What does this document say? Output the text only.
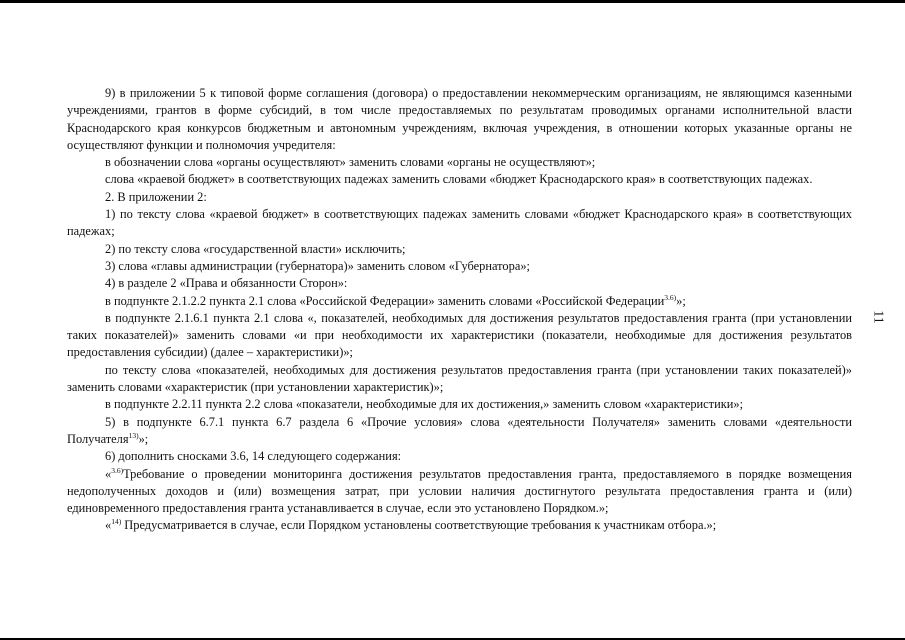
9) в приложении 5 к типовой форме соглашения (договора) о предоставлении некоммерческим организациям, не являющимся казенными учреждениями, грантов в форме субсидий, в том числе предоставляемых по результатам проводимых органами исполнительной власти Краснодарского края конкурсов бюджетным и автономным учреждениям, включая учреждения, в отношении которых указанные органы не осуществляют функции и полномочия учредителя:

в обозначении слова «органы осуществляют» заменить словами «органы не осуществляют»;

слова «краевой бюджет» в соответствующих падежах заменить словами «бюджет Краснодарского края» в соответствующих падежах.

2. В приложении 2:

1) по тексту слова «краевой бюджет» в соответствующих падежах заменить словами «бюджет Краснодарского края» в соответствующих падежах;

2) по тексту слова «государственной власти» исключить;

3) слова «главы администрации (губернатора)» заменить словом «Губернатора»;

4) в разделе 2 «Права и обязанности Сторон»:

в подпункте 2.1.2.2 пункта 2.1 слова «Российской Федерации» заменить словами «Российской Федерации$^{3.6)}$»;

в подпункте 2.1.6.1 пункта 2.1 слова «, показателей, необходимых для достижения результатов предоставления гранта (при установлении таких показателей)» заменить словами «и при необходимости их характеристики (показатели, необходимые для достижения результатов предоставления субсидии) (далее – характеристики)»;

по тексту слова «показателей, необходимых для достижения результатов предоставления гранта (при установлении таких показателей)» заменить словами «характеристик (при установлении характеристик)»;

в подпункте 2.2.11 пункта 2.2 слова «показатели, необходимые для их достижения,» заменить словом «характеристики»;

5) в подпункте 6.7.1 пункта 6.7 раздела 6 «Прочие условия» слова «деятельности Получателя» заменить словами «деятельности Получателя$^{13)}$»;

6) дополнить сносками 3.6, 14 следующего содержания:

«$^{3.6)}$Требование о проведении мониторинга достижения результатов предоставления гранта, предоставляемого в порядке возмещения недополученных доходов и (или) возмещения затрат, при условии наличия достигнутого результата предоставления гранта и (или) единовременного предоставления гранта устанавливается в случае, если это установлено Порядком.»;

«$^{14)}$ Предусматривается в случае, если Порядком установлены соответствующие требования к участникам отбора.»;

11
